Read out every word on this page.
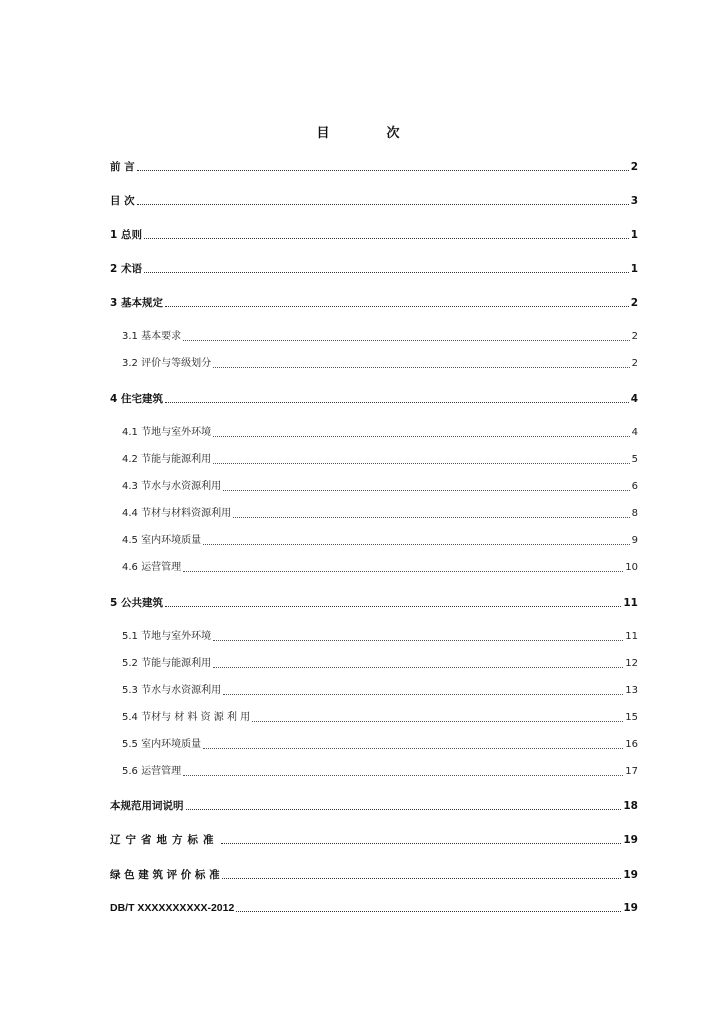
目　次
前 言	2
目 次	3
1 总则	1
2 术语	1
3 基本规定	2
3.1 基本要求	2
3.2 评价与等级划分	2
4 住宅建筑	4
4.1 节地与室外环境	4
4.2 节能与能源利用	5
4.3 节水与水资源利用	6
4.4 节材与材料资源利用	8
4.5 室内环境质量	9
4.6 运营管理	10
5 公共建筑	11
5.1 节地与室外环境	11
5.2 节能与能源利用	12
5.3 节水与水资源利用	13
5.4 节材与 材 料 资 源 利 用	15
5.5 室内环境质量	16
5.6 运营管理	17
本规范用词说明	18
辽宁省地方标准	19
绿 色 建 筑 评 价 标 准	19
DB/T XXXXXXXXXX-2012	19
